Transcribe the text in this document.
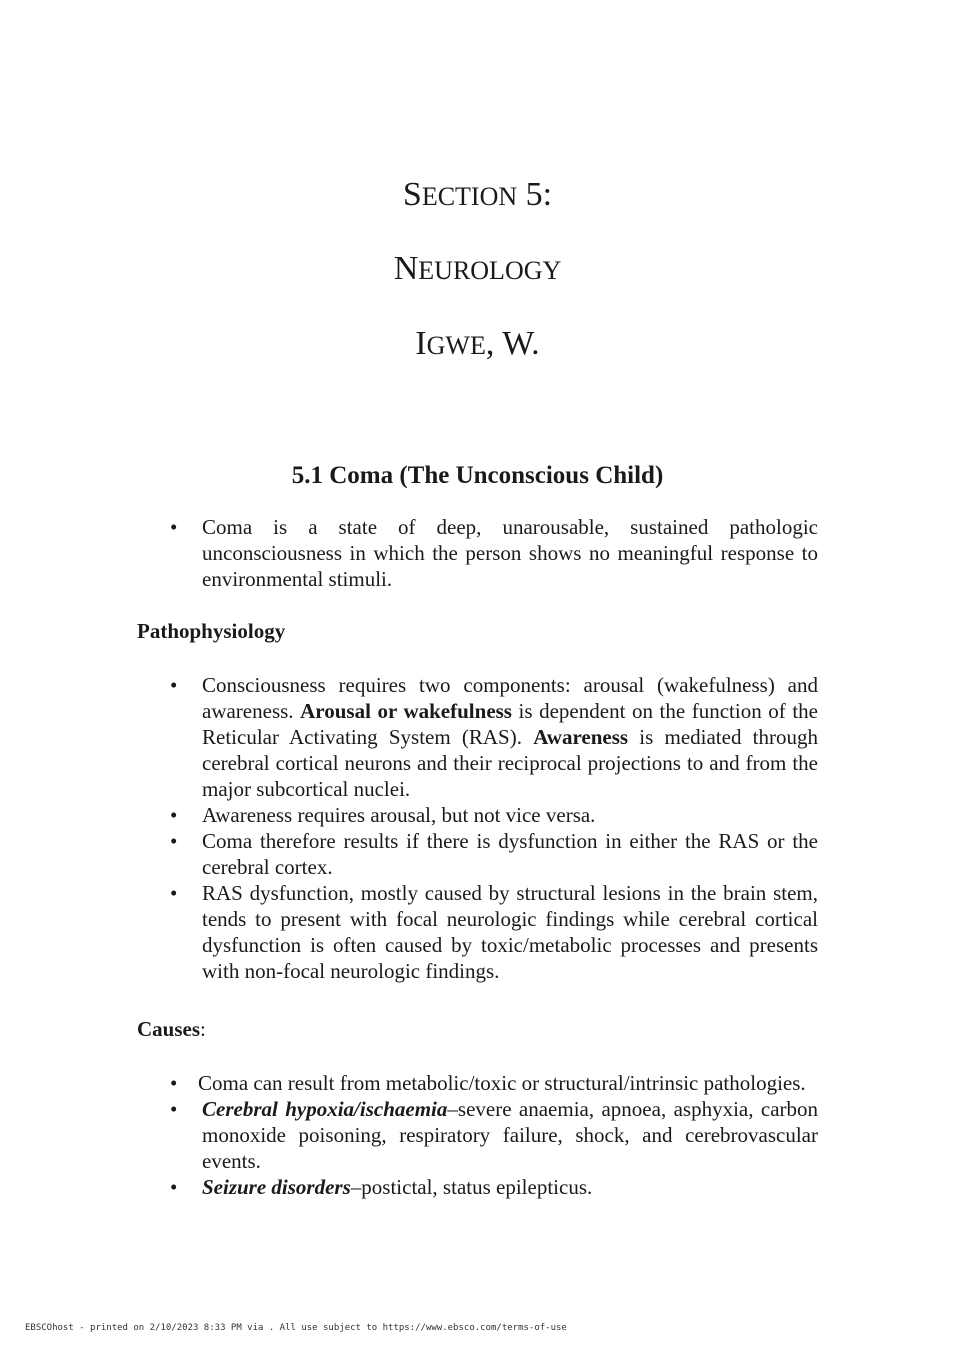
SECTION 5:
NEUROLOGY
IGWE, W.
5.1 Coma (The Unconscious Child)
• Coma is a state of deep, unarousable, sustained pathologic unconsciousness in which the person shows no meaningful response to environmental stimuli.
Pathophysiology
• Consciousness requires two components: arousal (wakefulness) and awareness. Arousal or wakefulness is dependent on the function of the Reticular Activating System (RAS). Awareness is mediated through cerebral cortical neurons and their reciprocal projections to and from the major subcortical nuclei.
• Awareness requires arousal, but not vice versa.
• Coma therefore results if there is dysfunction in either the RAS or the cerebral cortex.
• RAS dysfunction, mostly caused by structural lesions in the brain stem, tends to present with focal neurologic findings while cerebral cortical dysfunction is often caused by toxic/metabolic processes and presents with non-focal neurologic findings.
Causes:
• Coma can result from metabolic/toxic or structural/intrinsic pathologies.
• Cerebral hypoxia/ischaemia–severe anaemia, apnoea, asphyxia, carbon monoxide poisoning, respiratory failure, shock, and cerebrovascular events.
• Seizure disorders–postictal, status epilepticus.

EBSCOhost - printed on 2/10/2023 8:33 PM via . All use subject to https://www.ebsco.com/terms-of-use
